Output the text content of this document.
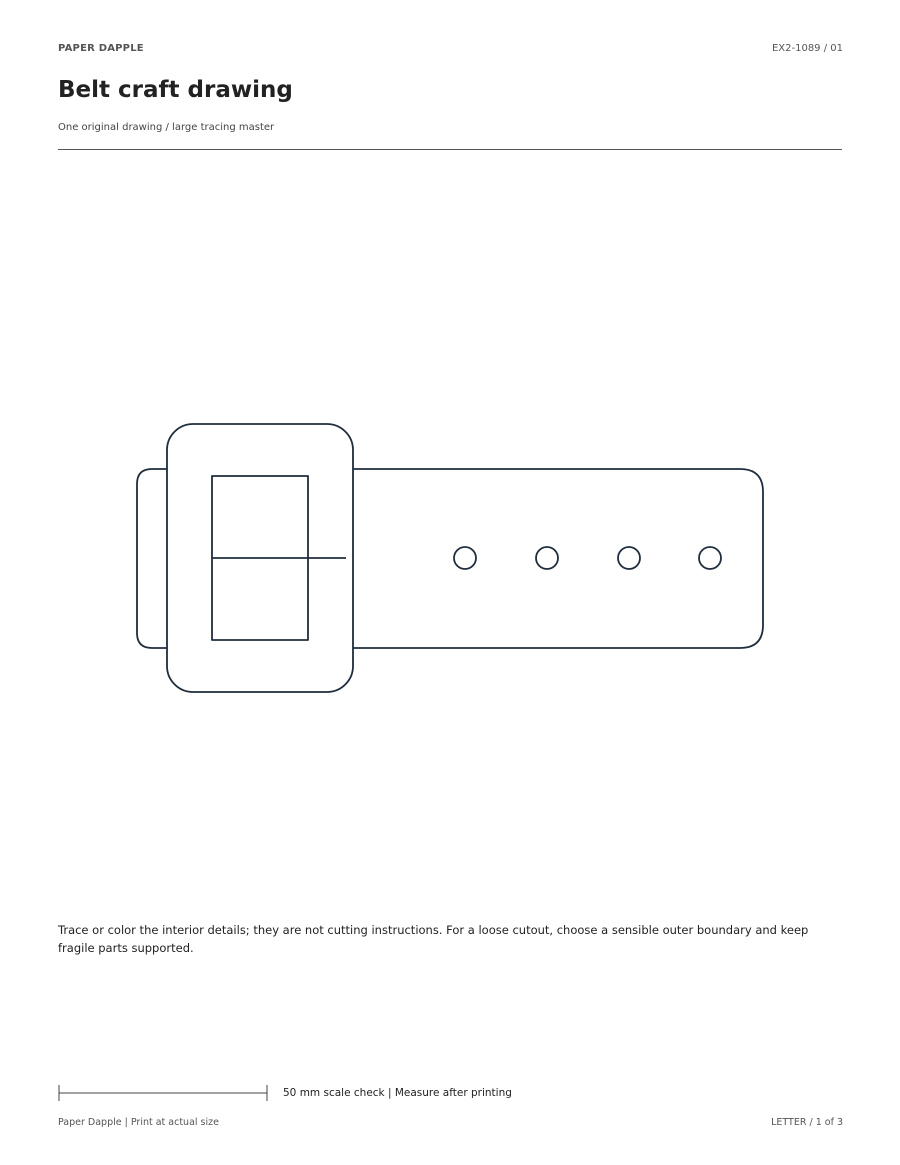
PAPER DAPPLE	EX2-1089 / 01
Belt craft drawing
One original drawing / large tracing master
Trace or color the interior details; they are not cutting instructions. For a loose cutout, choose a sensible outer boundary and keep fragile parts supported.
50 mm scale check | Measure after printing
Paper Dapple | Print at actual size	LETTER / 1 of 3
